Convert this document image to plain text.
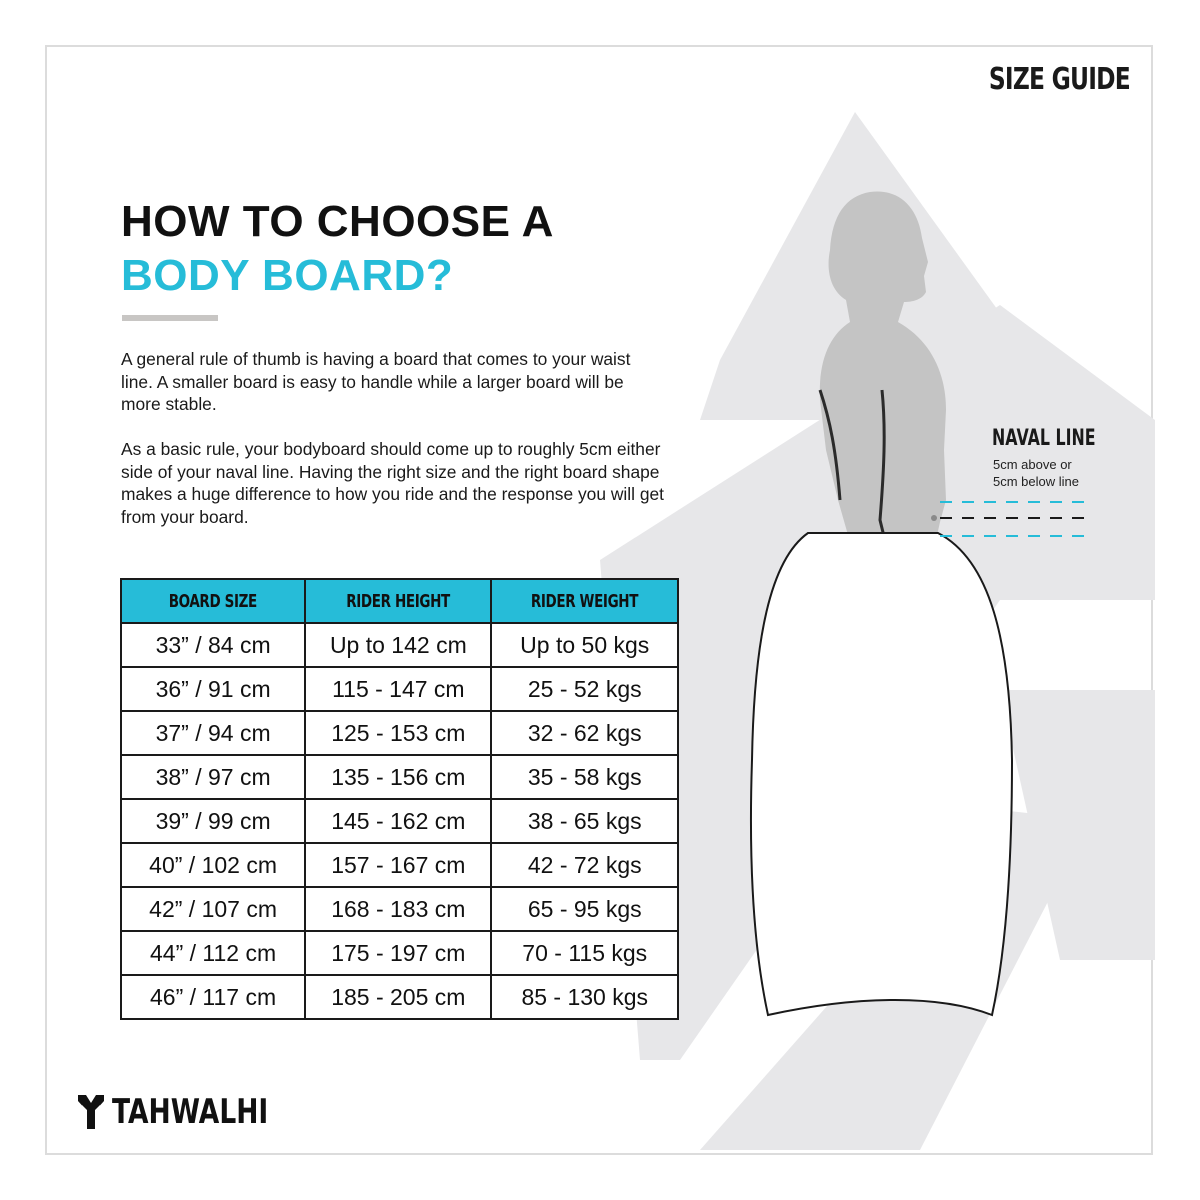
SIZE GUIDE
HOW TO CHOOSE A
BODY BOARD?

A general rule of thumb is having a board that comes to your waist line. A smaller board is easy to handle while a larger board will be more stable.

As a basic rule, your bodyboard should come up to roughly 5cm either side of your naval line. Having the right size and the right board shape makes a huge difference to how you ride and the response you will get from your board.

BOARD SIZE	RIDER HEIGHT	RIDER WEIGHT
33” / 84 cm	Up to 142 cm	Up to 50 kgs
36” / 91 cm	115 - 147 cm	25 - 52 kgs
37” / 94 cm	125 - 153 cm	32 - 62 kgs
38” / 97 cm	135 - 156 cm	35 - 58 kgs
39” / 99 cm	145 - 162 cm	38 - 65 kgs
40” / 102 cm	157 - 167 cm	42 - 72 kgs
42” / 107 cm	168 - 183 cm	65 - 95 kgs
44” / 112 cm	175 - 197 cm	70 - 115 kgs
46” / 117 cm	185 - 205 cm	85 - 130 kgs
NAVAL LINE
5cm above or
5cm below line
TAHWALHI
